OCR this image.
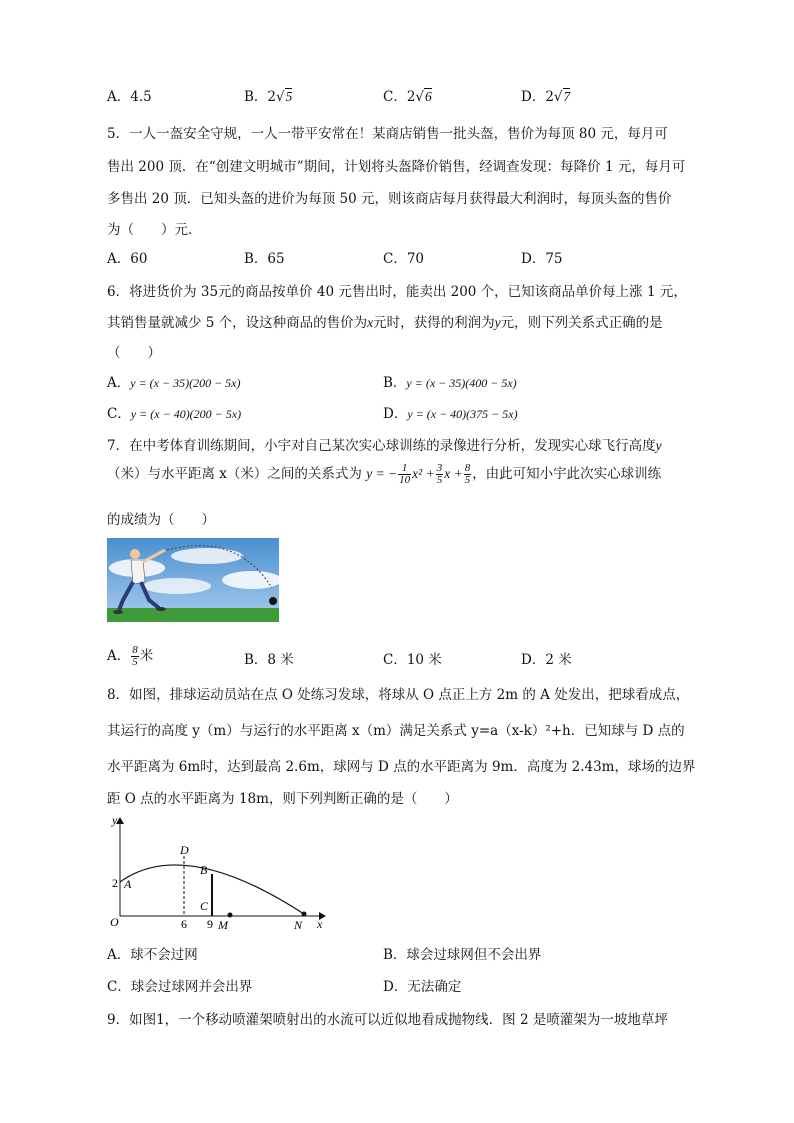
A．4.5	B．2√5	C．2√6	D．2√7
5．一人一盔安全守规，一人一带平安常在！某商店销售一批头盔，售价为每顶 80 元，每月可
售出 200 顶．在“创建文明城市”期间，计划将头盔降价销售，经调查发现：每降价 1 元，每月可
多售出 20 顶．已知头盔的进价为每顶 50 元，则该商店每月获得最大利润时，每顶头盔的售价
为（　　）元．
A．60	B．65	C．70	D．75
6．将进货价为 35元的商品按单价 40 元售出时，能卖出 200 个，已知该商品单价每上涨 1 元，
其销售量就减少 5 个，设这种商品的售价为x元时，获得的利润为y元，则下列关系式正确的是
（　　）
A．y = (x − 35)(200 − 5x)	B．y = (x − 35)(400 − 5x)
C．y = (x − 40)(200 − 5x)	D．y = (x − 40)(375 − 5x)
7．在中考体育训练期间，小宇对自己某次实心球训练的录像进行分析，发现实心球飞行高度y
（米）与水平距离 x（米）之间的关系式为 y = − $\frac{1}{10} x^2 + \frac{3}{5}$ $x + \frac{8}{5}$ ，由此可知小宇此次实心球训练
的成绩为（　　）
A． $\frac{8}{5}$ 米	B．8 米	C．10 米	D．2 米
8．如图，排球运动员站在点 O 处练习发球，将球从 O 点正上方 2m 的 A 处发出，把球看成点，
其运行的高度 y（m）与运行的水平距离 x（m）满足关系式 y=a（x-k）²+h．已知球与 D 点的
水平距离为 6m时，达到最高 2.6m，球网与 D 点的水平距离为 9m．高度为 2.43m，球场的边界
距 O 点的水平距离为 18m，则下列判断正确的是（　　）
y
x
O
2 A
D
B
C
6 9 M	N
A．球不会过网	B．球会过球网但不会出界
C．球会过球网并会出界	D．无法确定
9．如图1，一个移动喷灌架喷射出的水流可以近似地看成抛物线．图 2 是喷灌架为一坡地草坪
